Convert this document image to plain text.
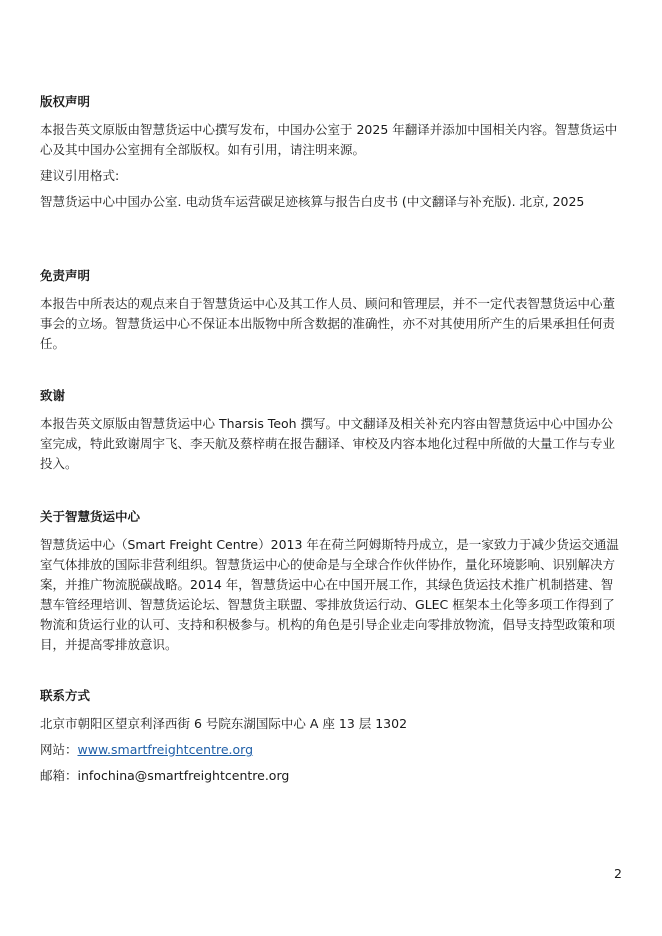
版权声明

本报告英文原版由智慧货运中心撰写发布，中国办公室于 2025 年翻译并添加中国相关内容。智慧货运中心及其中国办公室拥有全部版权。如有引用，请注明来源。

建议引用格式:

智慧货运中心中国办公室. 电动货车运营碳足迹核算与报告白皮书 (中文翻译与补充版). 北京, 2025

免责声明

本报告中所表达的观点来自于智慧货运中心及其工作人员、顾问和管理层，并不一定代表智慧货运中心董事会的立场。智慧货运中心不保证本出版物中所含数据的准确性，亦不对其使用所产生的后果承担任何责任。

致谢

本报告英文原版由智慧货运中心 Tharsis Teoh 撰写。中文翻译及相关补充内容由智慧货运中心中国办公室完成，特此致谢周宇飞、李天航及蔡梓萌在报告翻译、审校及内容本地化过程中所做的大量工作与专业投入。

关于智慧货运中心

智慧货运中心（Smart Freight Centre）2013 年在荷兰阿姆斯特丹成立，是一家致力于减少货运交通温室气体排放的国际非营利组织。智慧货运中心的使命是与全球合作伙伴协作，量化环境影响、识别解决方案，并推广物流脱碳战略。2014 年，智慧货运中心在中国开展工作，其绿色货运技术推广机制搭建、智慧车管经理培训、智慧货运论坛、智慧货主联盟、零排放货运行动、GLEC 框架本土化等多项工作得到了物流和货运行业的认可、支持和积极参与。机构的角色是引导企业走向零排放物流，倡导支持型政策和项目，并提高零排放意识。

联系方式

北京市朝阳区望京利泽西街 6 号院东湖国际中心 A 座 13 层 1302

网站：www.smartfreightcentre.org

邮箱：infochina@smartfreightcentre.org

2
